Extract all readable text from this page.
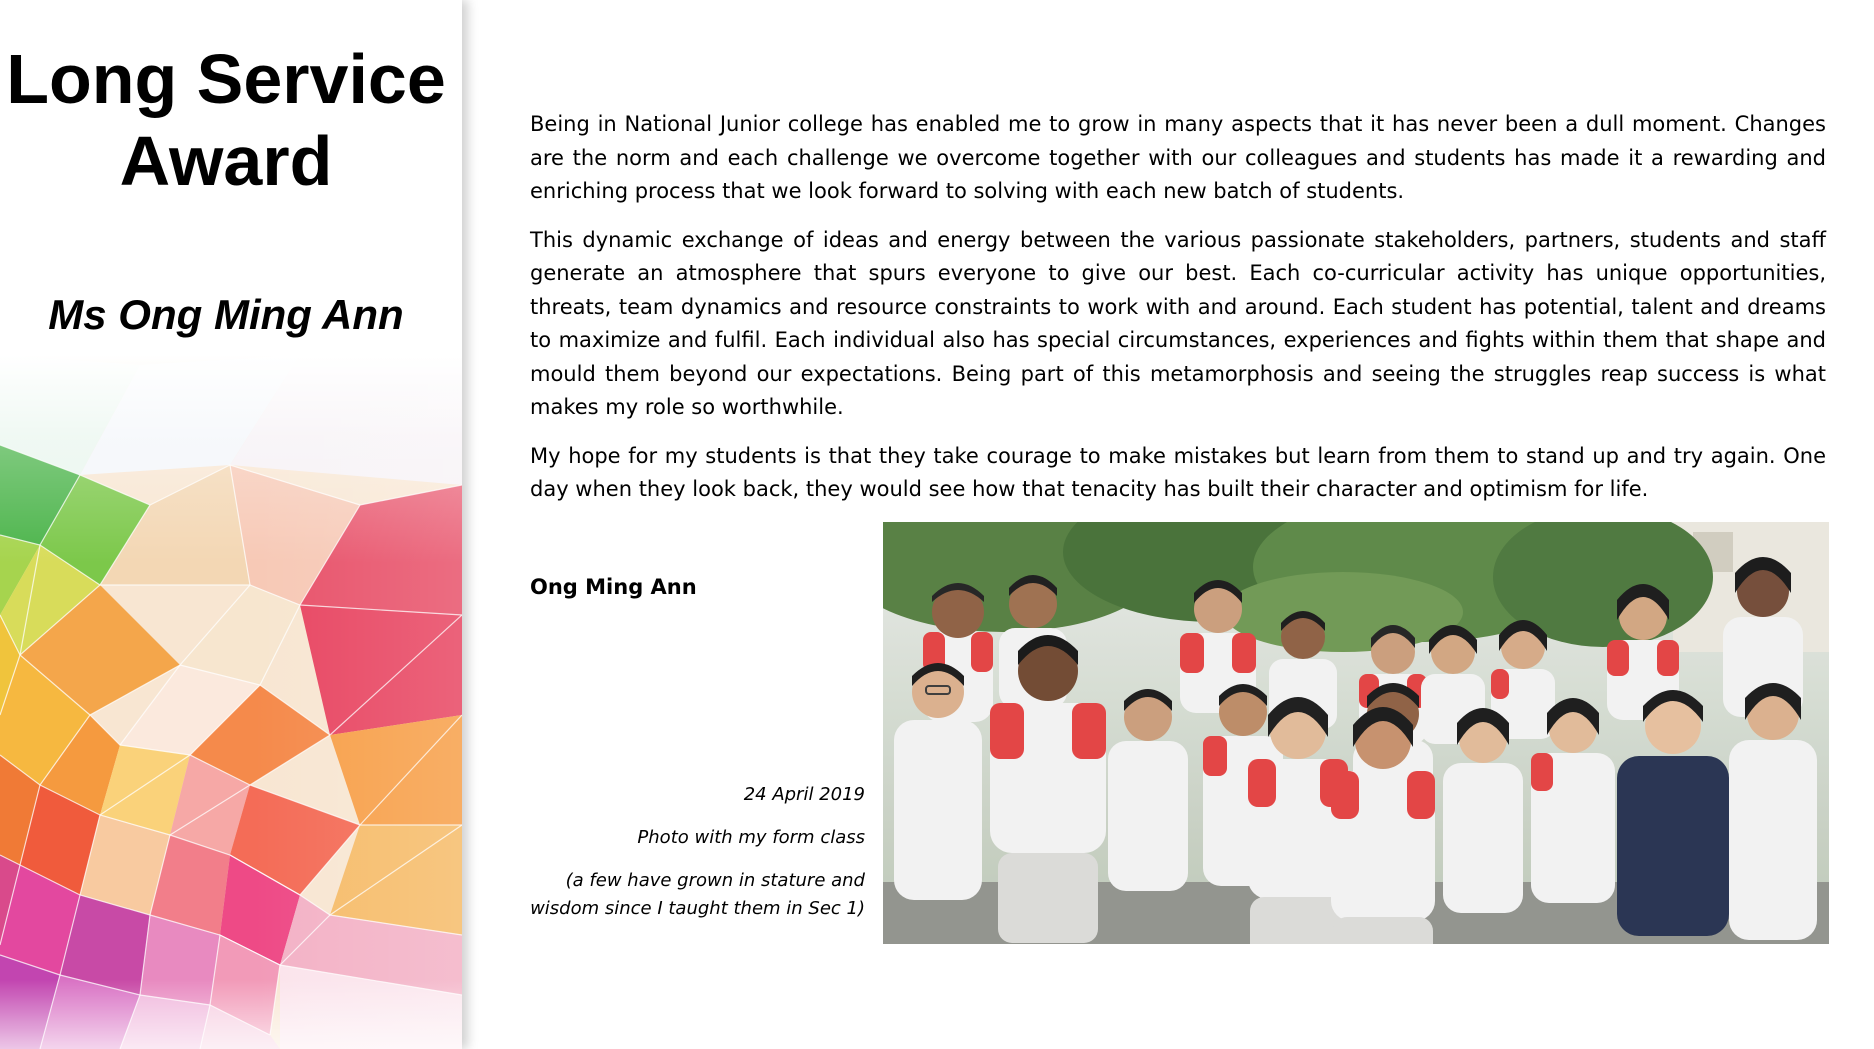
Long Service
Award
Ms Ong Ming Ann

Being in National Junior college has enabled me to grow in many aspects that it has never been a dull moment. Changes are the norm and each challenge we overcome together with our colleagues and students has made it a rewarding and enriching process that we look forward to solving with each new batch of students.

This dynamic exchange of ideas and energy between the various passionate stakeholders, partners, students and staff generate an atmosphere that spurs everyone to give our best. Each co-curricular activity has unique opportunities, threats, team dynamics and resource constraints to work with and around. Each student has potential, talent and dreams to maximize and fulfil. Each individual also has special circumstances, experiences and fights within them that shape and mould them beyond our expectations. Being part of this metamorphosis and seeing the struggles reap success is what makes my role so worthwhile.

My hope for my students is that they take courage to make mistakes but learn from them to stand up and try again. One day when they look back, they would see how that tenacity has built their character and optimism for life.

Ong Ming Ann
24 April 2019
Photo with my form class
(a few have grown in stature and
wisdom since I taught them in Sec 1)
